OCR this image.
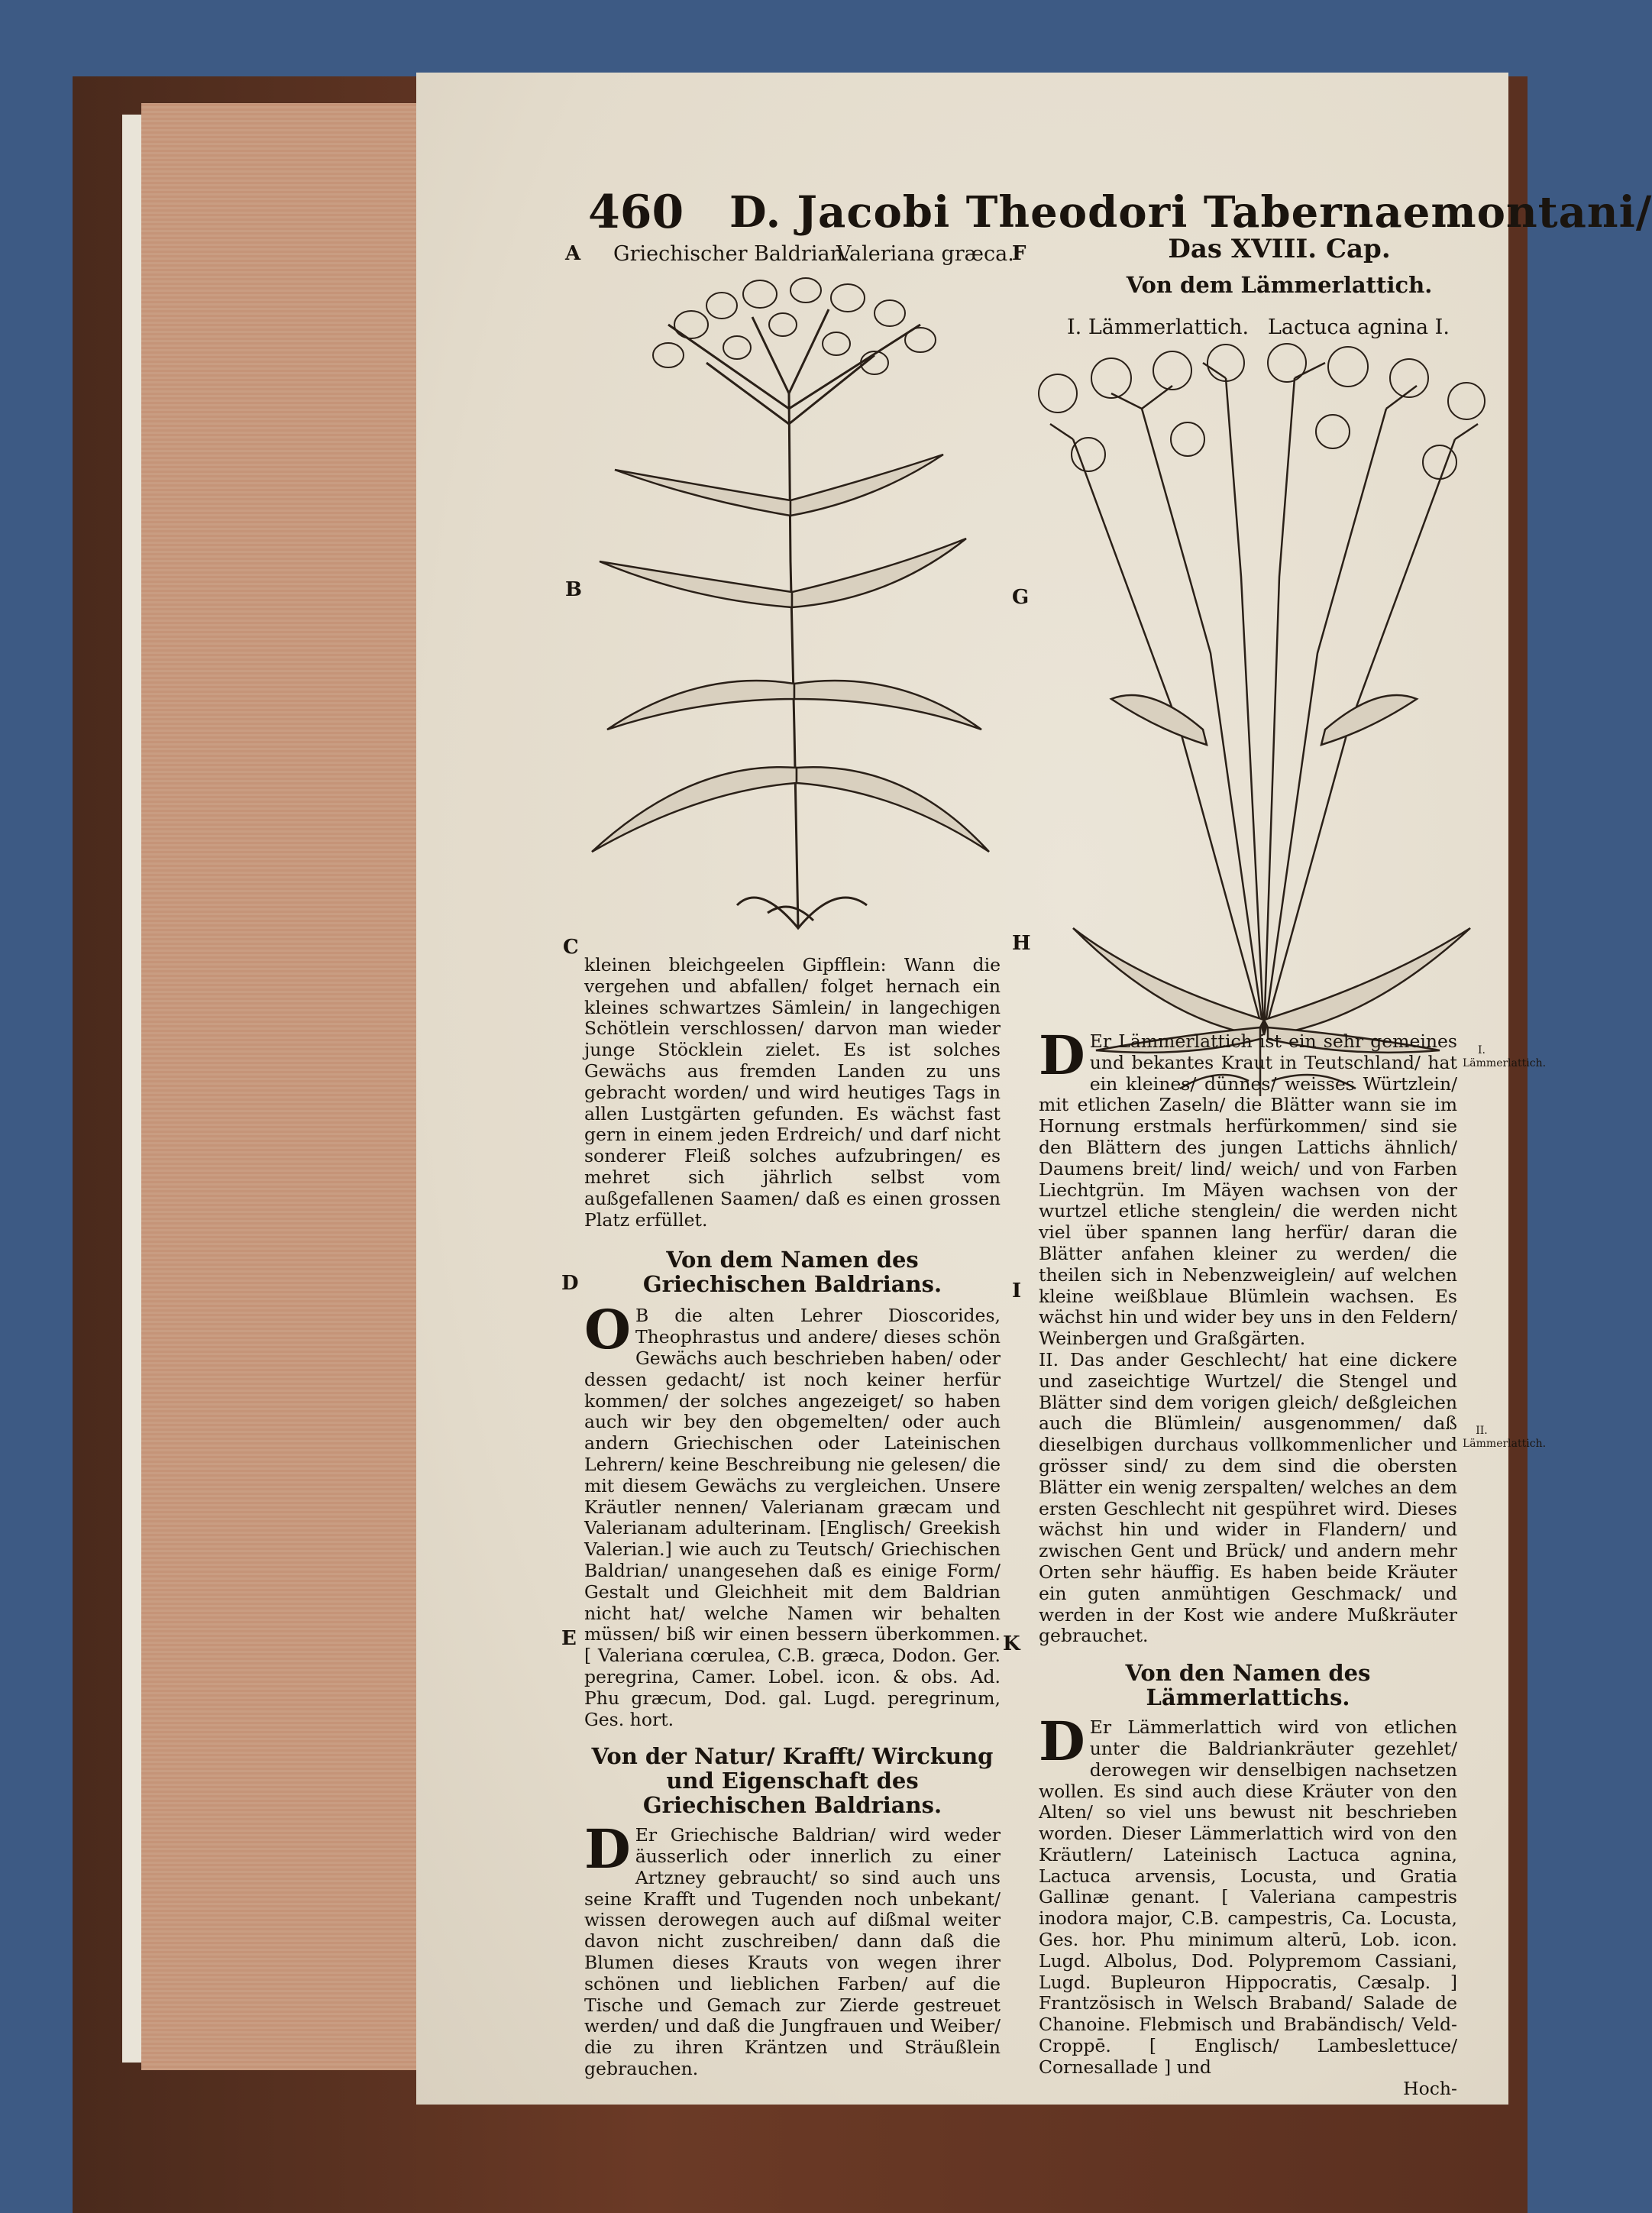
460 D. Jacobi Theodori Tabernaemontani/
A
B
C
D
E
F
G
H
I
K
Griechischer Baldrian.
Valeriana græca.	Das XVIII. Cap.
Von dem Lämmerlattich.
I. Lämmerlattich. Lactuca agnina I.

kleinen bleichgeelen Gipfflein: Wann die vergehen und abfallen/ folget hernach ein kleines schwartzes Sämlein/ in langechigen Schötlein verschlossen/ darvon man wieder junge Stöcklein zielet. Es ist solches Gewächs aus fremden Landen zu uns gebracht worden/ und wird heutiges Tags in allen Lustgärten gefunden. Es wächst fast gern in einem jeden Erdreich/ und darf nicht sonderer Fleiß solches aufzubringen/ es mehret sich jährlich selbst vom außgefallenen Saamen/ daß es einen grossen Platz erfüllet.

Von dem Namen des Griechischen Baldrians.

O B die alten Lehrer Dioscorides, Theophrastus und andere/ dieses schön Gewächs auch beschrieben haben/ oder dessen gedacht/ ist noch keiner herfür kommen/ der solches angezeiget/ so haben auch wir bey den obgemelten/ oder auch andern Griechischen oder Lateinischen Lehrern/ keine Beschreibung nie gelesen/ die mit diesem Gewächs zu vergleichen. Unsere Kräutler nennen/ Valerianam græcam und Valerianam adulterinam. [Englisch/ Greekish Valerian.] wie auch zu Teutsch/ Griechischen Baldrian/ unangesehen daß es einige Form/ Gestalt und Gleichheit mit dem Baldrian nicht hat/ welche Namen wir behalten müssen/ biß wir einen bessern überkommen. [ Valeriana cœrulea, C.B. græca, Dodon. Ger. peregrina, Camer. Lobel. icon. & obs. Ad. Phu græcum, Dod. gal. Lugd. peregrinum, Ges. hort.

Von der Natur/ Krafft/ Wirckung und Eigenschaft des Griechischen Baldrians.

D Er Griechische Baldrian/ wird weder äusserlich oder innerlich zu einer Artzney gebraucht/ so sind auch uns seine Krafft und Tugenden noch unbekant/ wissen derowegen auch auf dißmal weiter davon nicht zuschreiben/ dann daß die Blumen dieses Krauts von wegen ihrer schönen und lieblichen Farben/ auf die Tische und Gemach zur Zierde gestreuet werden/ und daß die Jungfrauen und Weiber/ die zu ihren Kräntzen und Sträußlein gebrauchen.

D Er Lämmerlattich ist ein sehr gemeines und bekantes Kraut in Teutschland/ hat ein kleines/ dünnes/ weisses Würtzlein/ mit etlichen Zaseln/ die Blätter wann sie im Hornung erstmals herfürkommen/ sind sie den Blättern des jungen Lattichs ähnlich/ Daumens breit/ lind/ weich/ und von Farben Liechtgrün. Im Mäyen wachsen von der wurtzel etliche stenglein/ die werden nicht viel über spannen lang herfür/ daran die Blätter anfahen kleiner zu werden/ die theilen sich in Nebenzweiglein/ auf welchen kleine weißblaue Blümlein wachsen. Es wächst hin und wider bey uns in den Feldern/ Weinbergen und Graßgärten.

II. Das ander Geschlecht/ hat eine dickere und zaseichtige Wurtzel/ die Stengel und Blätter sind dem vorigen gleich/ deßgleichen auch die Blümlein/ ausgenommen/ daß dieselbigen durchaus vollkommenlicher und grösser sind/ zu dem sind die obersten Blätter ein wenig zerspalten/ welches an dem ersten Geschlecht nit gespühret wird. Dieses wächst hin und wider in Flandern/ und zwischen Gent und Brück/ und andern mehr Orten sehr häuffig. Es haben beide Kräuter ein guten anmühtigen Geschmack/ und werden in der Kost wie andere Mußkräuter gebrauchet.

Von den Namen des Lämmerlattichs.

D Er Lämmerlattich wird von etlichen unter die Baldriankräuter gezehlet/ derowegen wir denselbigen nachsetzen wollen. Es sind auch diese Kräuter von den Alten/ so viel uns bewust nit beschrieben worden. Dieser Lämmerlattich wird von den Kräutlern/ Lateinisch Lactuca agnina, Lactuca arvensis, Locusta, und Gratia Gallinæ genant. [ Valeriana campestris inodora major, C.B. campestris, Ca. Locusta, Ges. hor. Phu minimum alterū, Lob. icon. Lugd. Albolus, Dod. Polypremom Cassiani, Lugd. Bupleuron Hippocratis, Cæsalp. ] Frantzösisch in Welsch Braband/ Salade de Chanoine. Flebmisch und Brabändisch/ Veld-Croppē. [ Englisch/ Lambeslettuce/ Cornesallade ] und

Hoch-
I. Lämmerlattich.
II. Lämmerlattich.
